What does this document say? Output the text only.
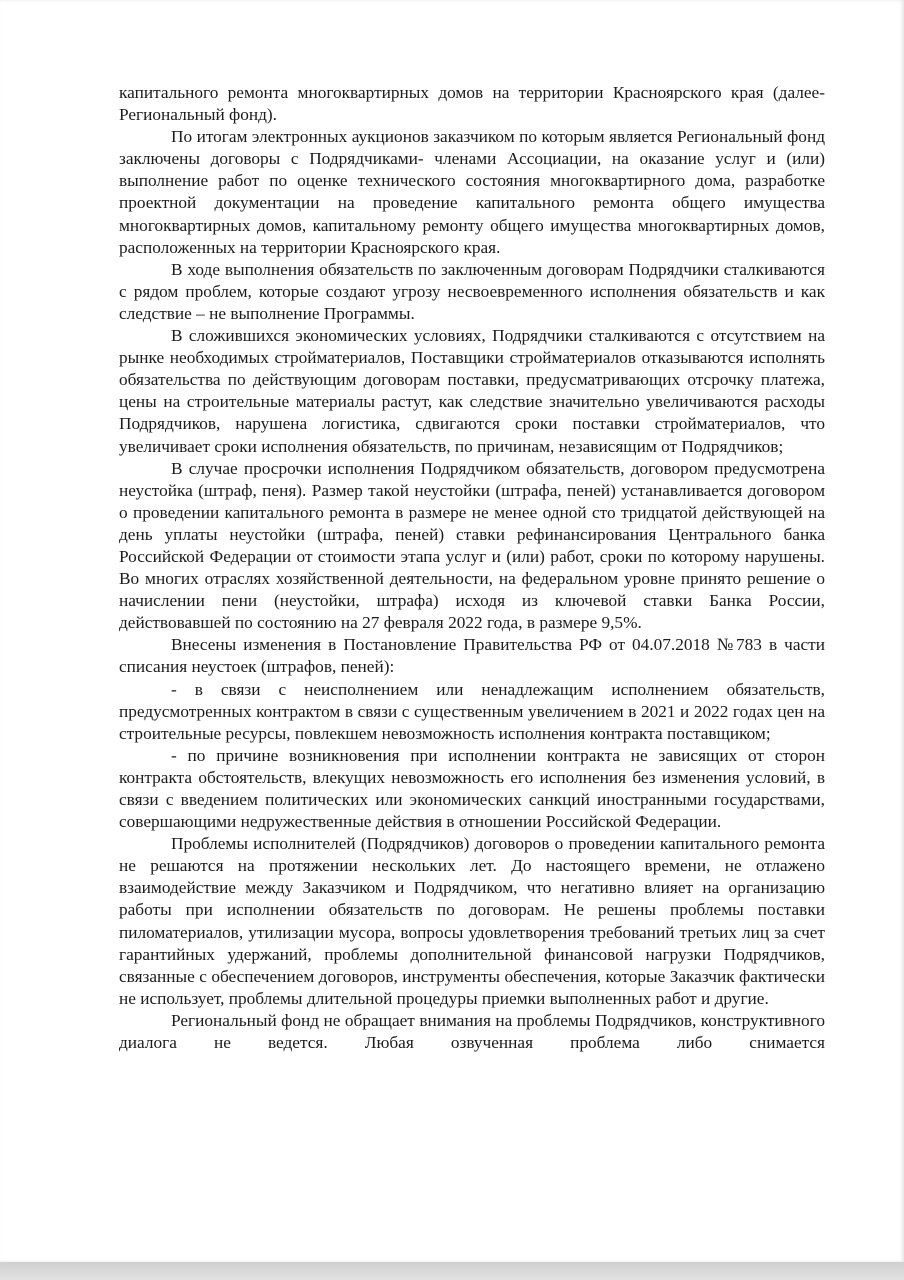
капитального ремонта многоквартирных домов на территории Красноярского края (далее- Региональный фонд).

По итогам электронных аукционов заказчиком по которым является Региональный фонд заключены договоры с Подрядчиками- членами Ассоциации, на оказание услуг и (или) выполнение работ по оценке технического состояния многоквартирного дома, разработке проектной документации на проведение капитального ремонта общего имущества многоквартирных домов, капитальному ремонту общего имущества многоквартирных домов, расположенных на территории Красноярского края.

В ходе выполнения обязательств по заключенным договорам Подрядчики сталкиваются с рядом проблем, которые создают угрозу несвоевременного исполнения обязательств и как следствие – не выполнение Программы.

В сложившихся экономических условиях, Подрядчики сталкиваются с отсутствием на рынке необходимых стройматериалов, Поставщики стройматериалов отказываются исполнять обязательства по действующим договорам поставки, предусматривающих отсрочку платежа, цены на строительные материалы растут, как следствие значительно увеличиваются расходы Подрядчиков, нарушена логистика, сдвигаются сроки поставки стройматериалов, что увеличивает сроки исполнения обязательств, по причинам, независящим от Подрядчиков;

В случае просрочки исполнения Подрядчиком обязательств, договором предусмотрена неустойка (штраф, пеня). Размер такой неустойки (штрафа, пеней) устанавливается договором о проведении капитального ремонта в размере не менее одной сто тридцатой действующей на день уплаты неустойки (штрафа, пеней) ставки рефинансирования Центрального банка Российской Федерации от стоимости этапа услуг и (или) работ, сроки по которому нарушены. Во многих отраслях хозяйственной деятельности, на федеральном уровне принято решение о начислении пени (неустойки, штрафа) исходя из ключевой ставки Банка России, действовавшей по состоянию на 27 февраля 2022 года, в размере 9,5%.

Внесены изменения в Постановление Правительства РФ от 04.07.2018 №783 в части списания неустоек (штрафов, пеней):

- в связи с неисполнением или ненадлежащим исполнением обязательств, предусмотренных контрактом в связи с существенным увеличением в 2021 и 2022 годах цен на строительные ресурсы, повлекшем невозможность исполнения контракта поставщиком;

- по причине возникновения при исполнении контракта не зависящих от сторон контракта обстоятельств, влекущих невозможность его исполнения без изменения условий, в связи с введением политических или экономических санкций иностранными государствами, совершающими недружественные действия в отношении Российской Федерации.

Проблемы исполнителей (Подрядчиков) договоров о проведении капитального ремонта не решаются на протяжении нескольких лет. До настоящего времени, не отлажено взаимодействие между Заказчиком и Подрядчиком, что негативно влияет на организацию работы при исполнении обязательств по договорам. Не решены проблемы поставки пиломатериалов, утилизации мусора, вопросы удовлетворения требований третьих лиц за счет гарантийных удержаний, проблемы дополнительной финансовой нагрузки Подрядчиков, связанные с обеспечением договоров, инструменты обеспечения, которые Заказчик фактически не использует, проблемы длительной процедуры приемки выполненных работ и другие.

Региональный фонд не обращает внимания на проблемы Подрядчиков, конструктивного диалога не ведется. Любая озвученная проблема либо снимается
